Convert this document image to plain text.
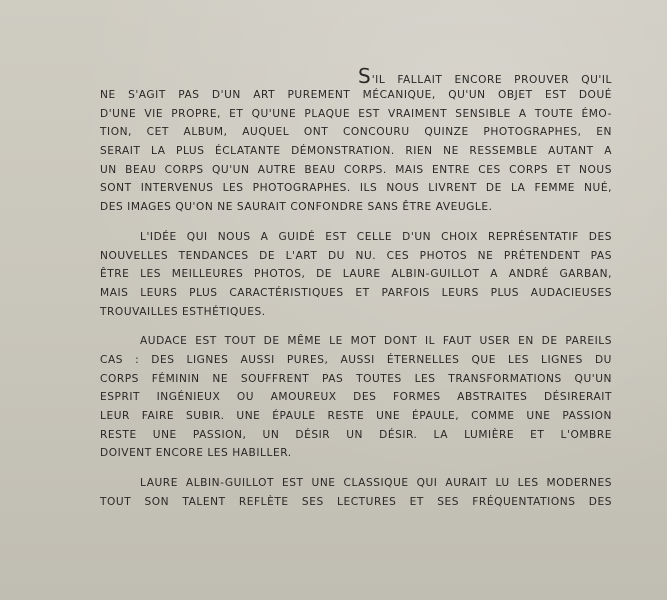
S'IL FALLAIT ENCORE PROUVER QU'IL
NE S'AGIT PAS D'UN ART PUREMENT MÉCANIQUE, QU'UN OBJET EST DOUÉ
D'UNE VIE PROPRE, ET QU'UNE PLAQUE EST VRAIMENT SENSIBLE A TOUTE ÉMO-
TION, CET ALBUM, AUQUEL ONT CONCOURU QUINZE PHOTOGRAPHES, EN
SERAIT LA PLUS ÉCLATANTE DÉMONSTRATION. RIEN NE RESSEMBLE AUTANT A
UN BEAU CORPS QU'UN AUTRE BEAU CORPS. MAIS ENTRE CES CORPS ET NOUS
SONT INTERVENUS LES PHOTOGRAPHES. ILS NOUS LIVRENT DE LA FEMME NUÉ,
DES IMAGES QU'ON NE SAURAIT CONFONDRE SANS ÊTRE AVEUGLE.
L'IDÉE QUI NOUS A GUIDÉ EST CELLE D'UN CHOIX REPRÉSENTATIF DES
NOUVELLES TENDANCES DE L'ART DU NU. CES PHOTOS NE PRÉTENDENT PAS
ÊTRE LES MEILLEURES PHOTOS, DE LAURE ALBIN-GUILLOT A ANDRÉ GARBAN,
MAIS LEURS PLUS CARACTÉRISTIQUES ET PARFOIS LEURS PLUS AUDACIEUSES
TROUVAILLES ESTHÉTIQUES.
AUDACE EST TOUT DE MÊME LE MOT DONT IL FAUT USER EN DE PAREILS
CAS : DES LIGNES AUSSI PURES, AUSSI ÉTERNELLES QUE LES LIGNES DU
CORPS FÉMININ NE SOUFFRENT PAS TOUTES LES TRANSFORMATIONS QU'UN
ESPRIT INGÉNIEUX OU AMOUREUX DES FORMES ABSTRAITES DÉSIRERAIT
LEUR FAIRE SUBIR. UNE ÉPAULE RESTE UNE ÉPAULE, COMME UNE PASSION
RESTE UNE PASSION, UN DÉSIR UN DÉSIR. LA LUMIÈRE ET L'OMBRE
DOIVENT ENCORE LES HABILLER.
LAURE ALBIN-GUILLOT EST UNE CLASSIQUE QUI AURAIT LU LES MODERNES
TOUT SON TALENT REFLÈTE SES LECTURES ET SES FRÉQUENTATIONS DES
